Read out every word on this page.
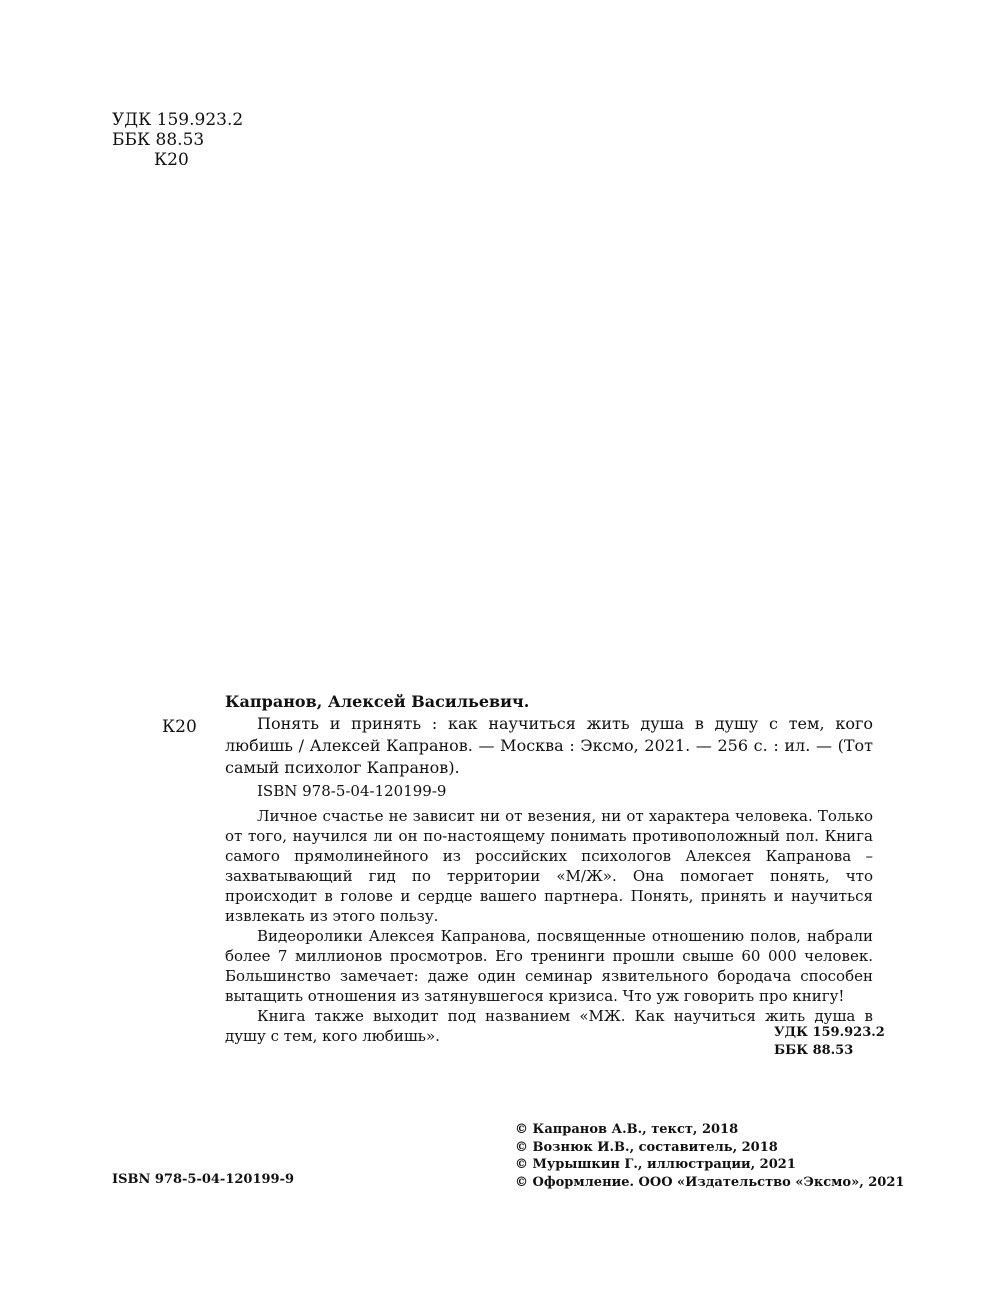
УДК 159.923.2
ББК 88.53
К20
Капранов, Алексей Васильевич.
К20	Понять и принять : как научиться жить душа в душу с тем, кого любишь / Алексей Капранов. — Москва : Эксмо, 2021. — 256 с. : ил. — (Тот самый психолог Капранов).
ISBN 978-5-04-120199-9

Личное счастье не зависит ни от везения, ни от характера человека. Только от того, научился ли он по-настоящему понимать противоположный пол. Книга самого прямолинейного из российских психологов Алексея Капранова – захватывающий гид по территории «М/Ж». Она помогает понять, что происходит в голове и сердце вашего партнера. Понять, принять и научиться извлекать из этого пользу.

Видеоролики Алексея Капранова, посвященные отношению полов, набрали более 7 миллионов просмотров. Его тренинги прошли свыше 60 000 человек. Большинство замечает: даже один семинар язвительного бородача способен вытащить отношения из затянувшегося кризиса. Что уж говорить про книгу!

Книга также выходит под названием «МЖ. Как научиться жить душа в душу с тем, кого любишь».	УДК 159.923.2
ББК 88.53
© Капранов А.В., текст, 2018
© Вознюк И.В., составитель, 2018
© Мурышкин Г., иллюстрации, 2021
© Оформление. ООО «Издательство «Эксмо», 2021
ISBN 978-5-04-120199-9
